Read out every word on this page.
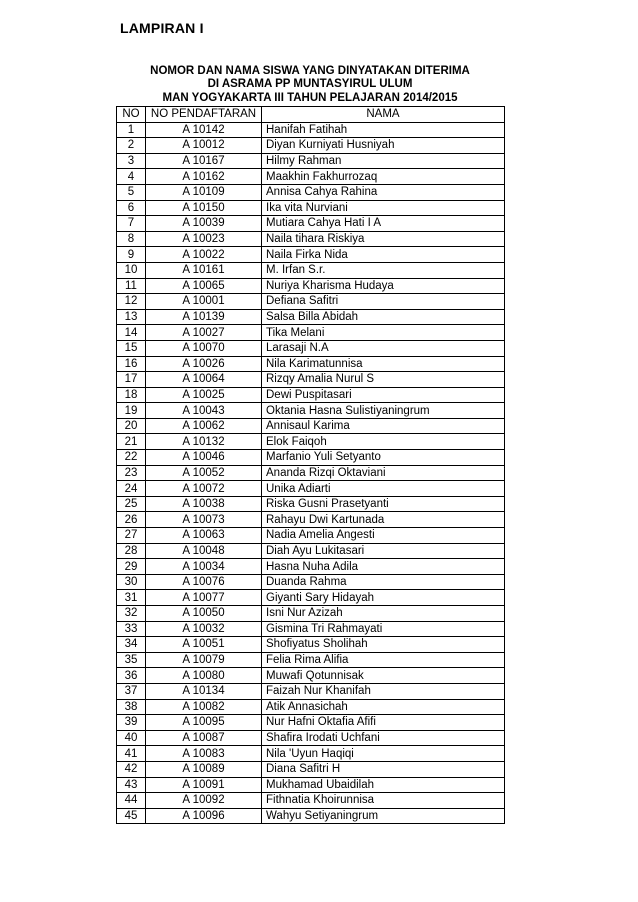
LAMPIRAN I
NOMOR DAN NAMA SISWA YANG DINYATAKAN DITERIMA
DI ASRAMA PP MUNTASYIRUL ULUM
MAN YOGYAKARTA III TAHUN PELAJARAN 2014/2015
NO	NO PENDAFTARAN	NAMA
1	A 10142	Hanifah Fatihah
2	A 10012	Diyan Kurniyati Husniyah
3	A 10167	Hilmy Rahman
4	A 10162	Maakhin Fakhurrozaq
5	A 10109	Annisa Cahya Rahina
6	A 10150	Ika vita Nurviani
7	A 10039	Mutiara Cahya Hati I A
8	A 10023	Naila tihara Riskiya
9	A 10022	Naila Firka Nida
10	A 10161	M. Irfan S.r.
11	A 10065	Nuriya Kharisma Hudaya
12	A 10001	Defiana Safitri
13	A 10139	Salsa Billa Abidah
14	A 10027	Tika Melani
15	A 10070	Larasaji N.A
16	A 10026	Nila Karimatunnisa
17	A 10064	Rizqy Amalia Nurul S
18	A 10025	Dewi Puspitasari
19	A 10043	Oktania Hasna Sulistiyaningrum
20	A 10062	Annisaul Karima
21	A 10132	Elok Faiqoh
22	A 10046	Marfanio Yuli Setyanto
23	A 10052	Ananda Rizqi Oktaviani
24	A 10072	Unika Adiarti
25	A 10038	Riska Gusni Prasetyanti
26	A 10073	Rahayu Dwi Kartunada
27	A 10063	Nadia Amelia Angesti
28	A 10048	Diah Ayu Lukitasari
29	A 10034	Hasna Nuha Adila
30	A 10076	Duanda Rahma
31	A 10077	Giyanti Sary Hidayah
32	A 10050	Isni Nur Azizah
33	A 10032	Gismina Tri Rahmayati
34	A 10051	Shofiyatus Sholihah
35	A 10079	Felia Rima Alifia
36	A 10080	Muwafi Qotunnisak
37	A 10134	Faizah Nur Khanifah
38	A 10082	Atik Annasichah
39	A 10095	Nur Hafni Oktafia Afifi
40	A 10087	Shafira Irodati Uchfani
41	A 10083	Nila 'Uyun Haqiqi
42	A 10089	Diana Safitri H
43	A 10091	Mukhamad Ubaidilah
44	A 10092	Fithnatia Khoirunnisa
45	A 10096	Wahyu Setiyaningrum
